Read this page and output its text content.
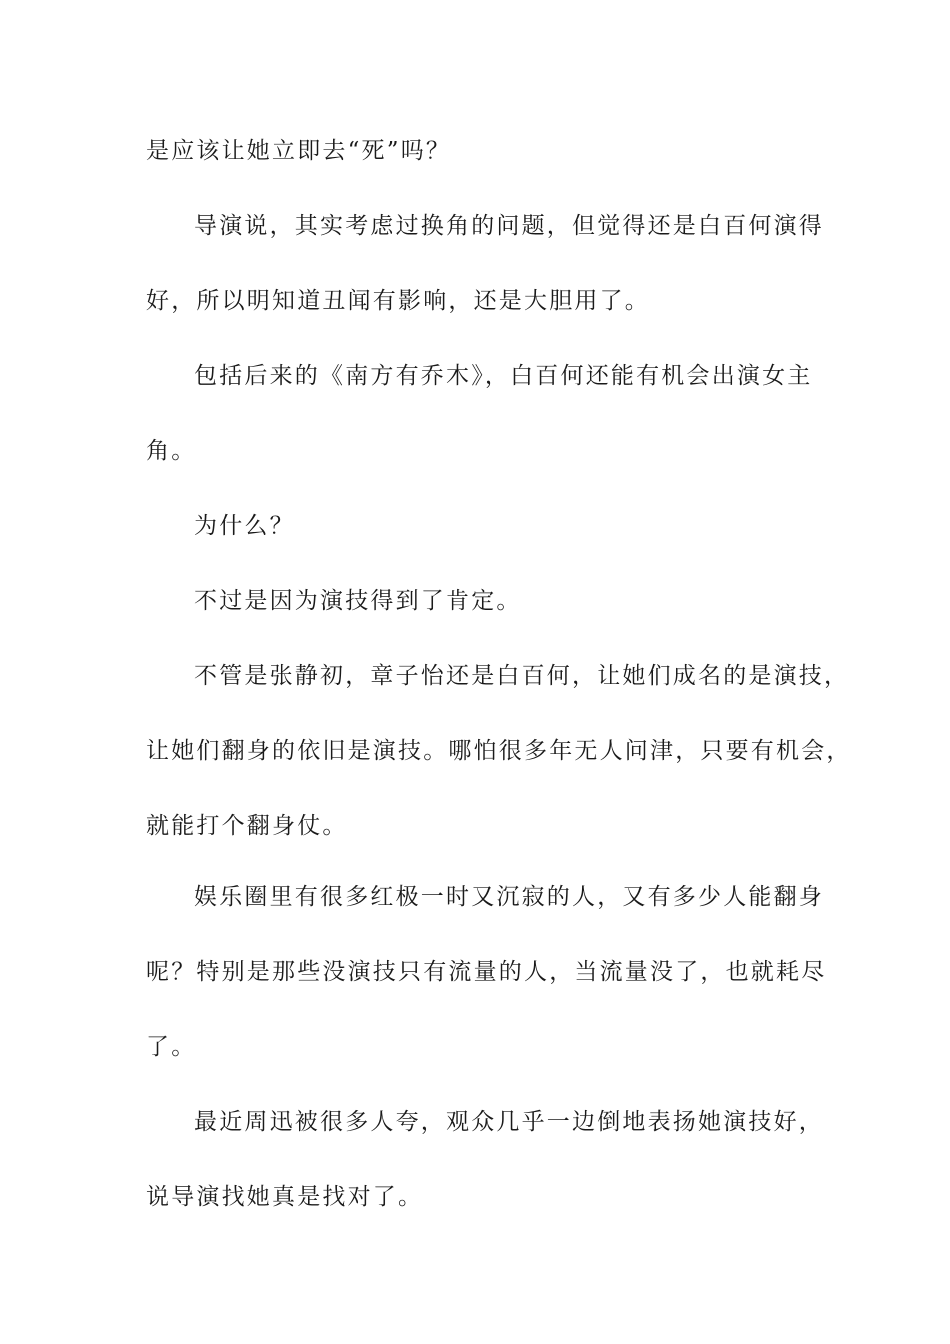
是应该让她立即去“死”吗？
导演说，其实考虑过换角的问题，但觉得还是白百何演得
好，所以明知道丑闻有影响，还是大胆用了。
包括后来的《南方有乔木》，白百何还能有机会出演女主
角。
为什么？
不过是因为演技得到了肯定。
不管是张静初，章子怡还是白百何，让她们成名的是演技，
让她们翻身的依旧是演技。哪怕很多年无人问津，只要有机会，
就能打个翻身仗。
娱乐圈里有很多红极一时又沉寂的人，又有多少人能翻身
呢？特别是那些没演技只有流量的人，当流量没了，也就耗尽
了。
最近周迅被很多人夸，观众几乎一边倒地表扬她演技好，
说导演找她真是找对了。
